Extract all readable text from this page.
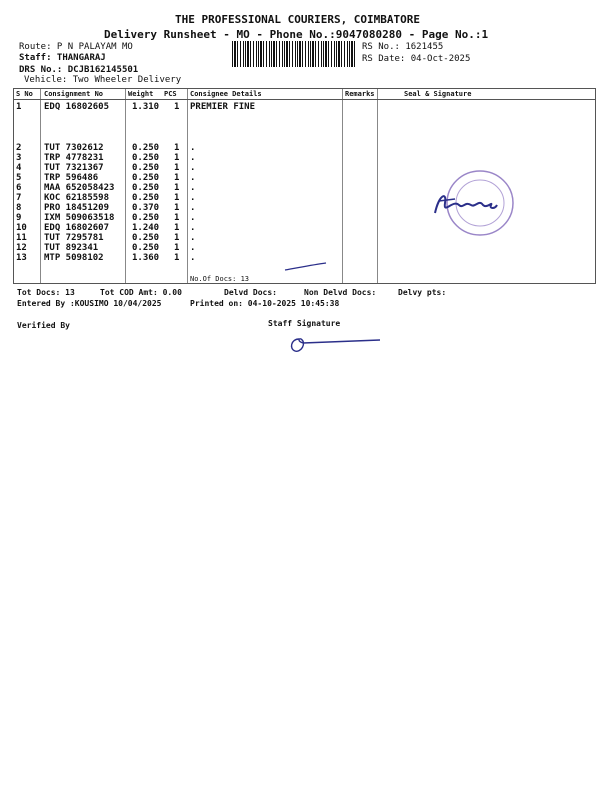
THE PROFESSIONAL COURIERS, COIMBATORE
Delivery Runsheet - MO - Phone No.:9047080280 - Page No.:1
Route: P N PALAYAM MO
Staff: THANGARAJ
DRS No.: DCJB162145501
Vehicle: Two Wheeler Delivery
RS No.: 1621455
RS Date: 04-Oct-2025
S No Consignment No	Weight PCS Consignee Details	Remarks	Seal & Signature
1	EDQ 16802605	1.310 1 PREMIER FINE
2	TUT 7302612	0.250 1 .
3	TRP 4778231	0.250 1 .
4	TUT 7321367	0.250 1 .
5	TRP 596486	0.250 1 .
6	MAA 652058423 0.250 1 .
7	KOC 62185598	0.250 1 .
8	PRO 18451209	0.370 1 .
9	IXM 509063518 0.250 1 .
10 EDQ 16802607	1.240 1 .
11 TUT 7295781	0.250 1 .
12 TUT 892341	0.250 1 .
13 MTP 5098102	1.360 1 .
No.Of Docs: 13
Tot Docs: 13	Tot COD Amt: 0.00	Delvd Docs:	Non Delvd Docs:	Delvy pts:
Entered By :KOUSIMO 10/04/2025	Printed on: 04-10-2025 10:45:38
Verified By	Staff Signature
